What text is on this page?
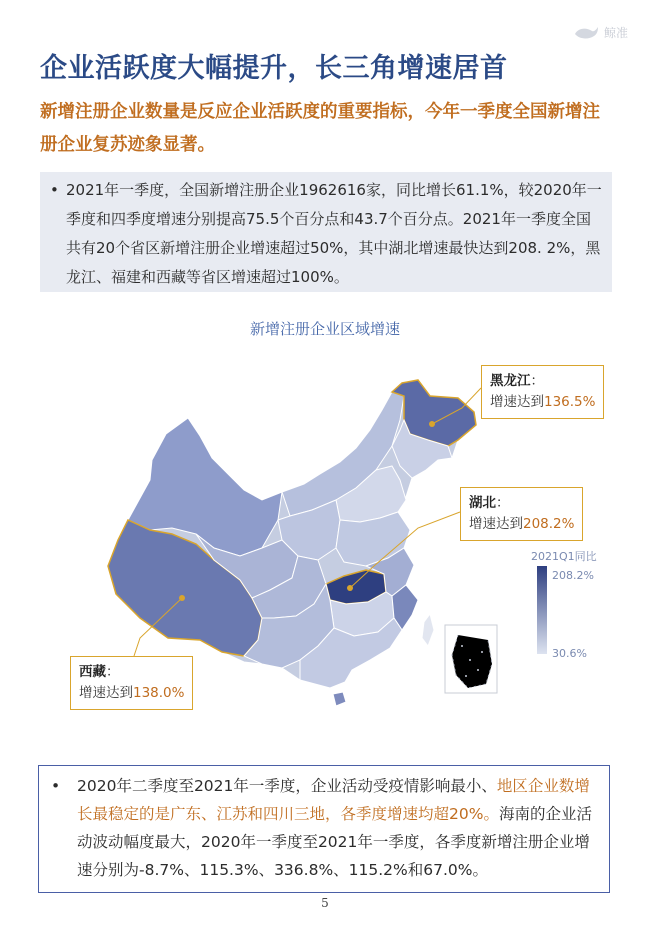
鲸准
企业活跃度大幅提升，长三角增速居首
新增注册企业数量是反应企业活跃度的重要指标，今年一季度全国新增注册企业复苏迹象显著。
• 2021年一季度，全国新增注册企业1962616家，同比增长61.1%，较2020年一季度和四季度增速分别提高75.5个百分点和43.7个百分点。2021年一季度全国共有20个省区新增注册企业增速超过50%，其中湖北增速最快达到208. 2%，黑龙江、福建和西藏等省区增速超过100%。
新增注册企业区域增速
黑龙江：
增速达到136.5%
湖北：
增速达到208.2%
西藏：
增速达到138.0%
2021Q1同比
208.2%
30.6%
• 2020年二季度至2021年一季度，企业活动受疫情影响最小、地区企业数增长最稳定的是广东、江苏和四川三地，各季度增速均超20%。海南的企业活动波动幅度最大，2020年一季度至2021年一季度，各季度新增注册企业增速分别为-8.7%、115.3%、336.8%、115.2%和67.0%。
5
